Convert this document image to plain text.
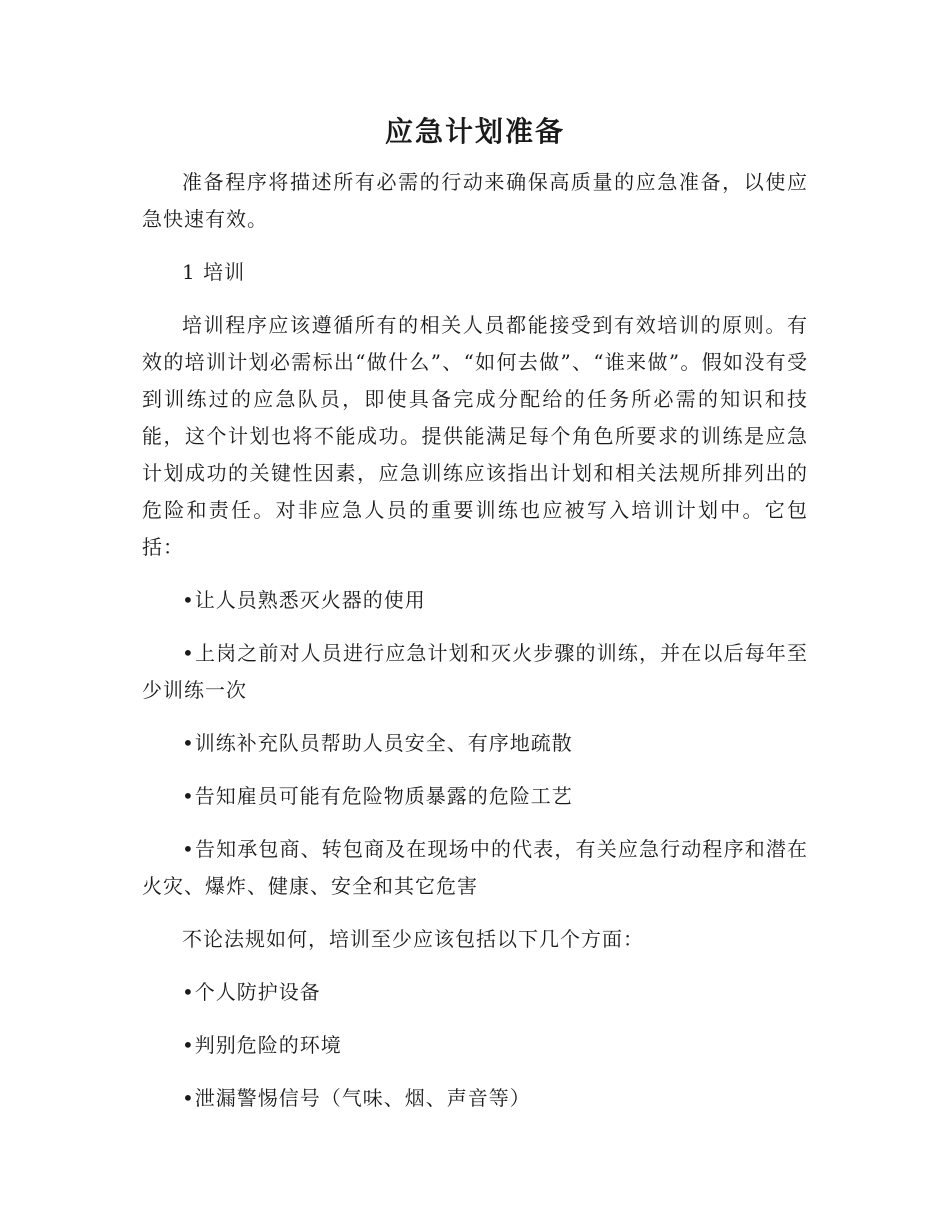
应急计划准备

准备程序将描述所有必需的行动来确保高质量的应急准备，以使应急快速有效。

1 培训

培训程序应该遵循所有的相关人员都能接受到有效培训的原则。有效的培训计划必需标出“做什么”、“如何去做”、“谁来做”。假如没有受到训练过的应急队员，即使具备完成分配给的任务所必需的知识和技能，这个计划也将不能成功。提供能满足每个角色所要求的训练是应急计划成功的关键性因素，应急训练应该指出计划和相关法规所排列出的危险和责任。对非应急人员的重要训练也应被写入培训计划中。它包括：

•让人员熟悉灭火器的使用

•上岗之前对人员进行应急计划和灭火步骤的训练，并在以后每年至少训练一次

•训练补充队员帮助人员安全、有序地疏散

•告知雇员可能有危险物质暴露的危险工艺

•告知承包商、转包商及在现场中的代表，有关应急行动程序和潜在火灾、爆炸、健康、安全和其它危害

不论法规如何，培训至少应该包括以下几个方面：

•个人防护设备

•判别危险的环境

•泄漏警惕信号（气味、烟、声音等）
